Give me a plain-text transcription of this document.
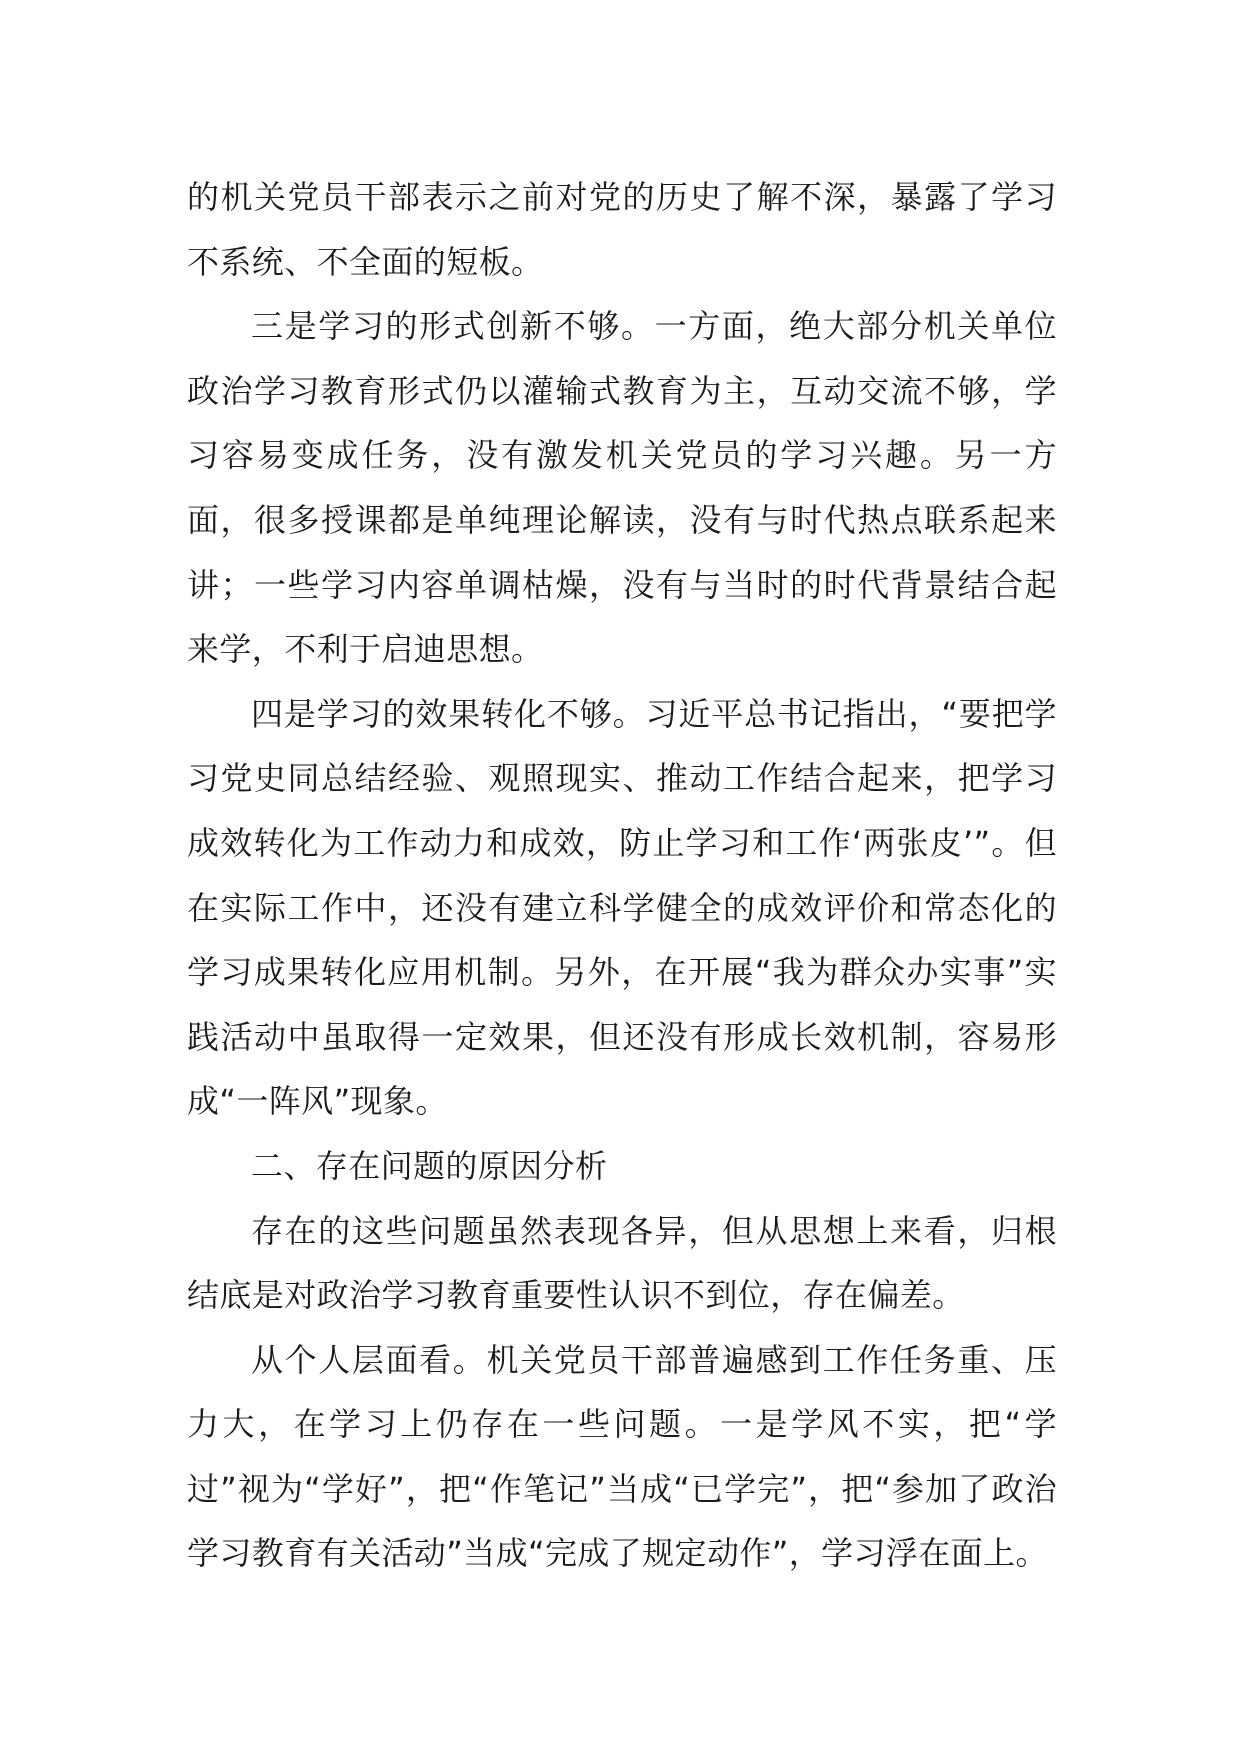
的机关党员干部表示之前对党的历史了解不深，暴露了学习不系统、不全面的短板。

三是学习的形式创新不够。一方面，绝大部分机关单位政治学习教育形式仍以灌输式教育为主，互动交流不够，学习容易变成任务，没有激发机关党员的学习兴趣。另一方面，很多授课都是单纯理论解读，没有与时代热点联系起来讲；一些学习内容单调枯燥，没有与当时的时代背景结合起来学，不利于启迪思想。

四是学习的效果转化不够。习近平总书记指出，“要把学习党史同总结经验、观照现实、推动工作结合起来，把学习成效转化为工作动力和成效，防止学习和工作‘两张皮’”。但在实际工作中，还没有建立科学健全的成效评价和常态化的学习成果转化应用机制。另外，在开展“我为群众办实事”实践活动中虽取得一定效果，但还没有形成长效机制，容易形成“一阵风”现象。

二、存在问题的原因分析

存在的这些问题虽然表现各异，但从思想上来看，归根结底是对政治学习教育重要性认识不到位，存在偏差。

从个人层面看。机关党员干部普遍感到工作任务重、压力大，在学习上仍存在一些问题。一是学风不实，把“学过”视为“学好”，把“作笔记”当成“已学完”，把“参加了政治学习教育有关活动”当成“完成了规定动作”，学习浮在面上。
